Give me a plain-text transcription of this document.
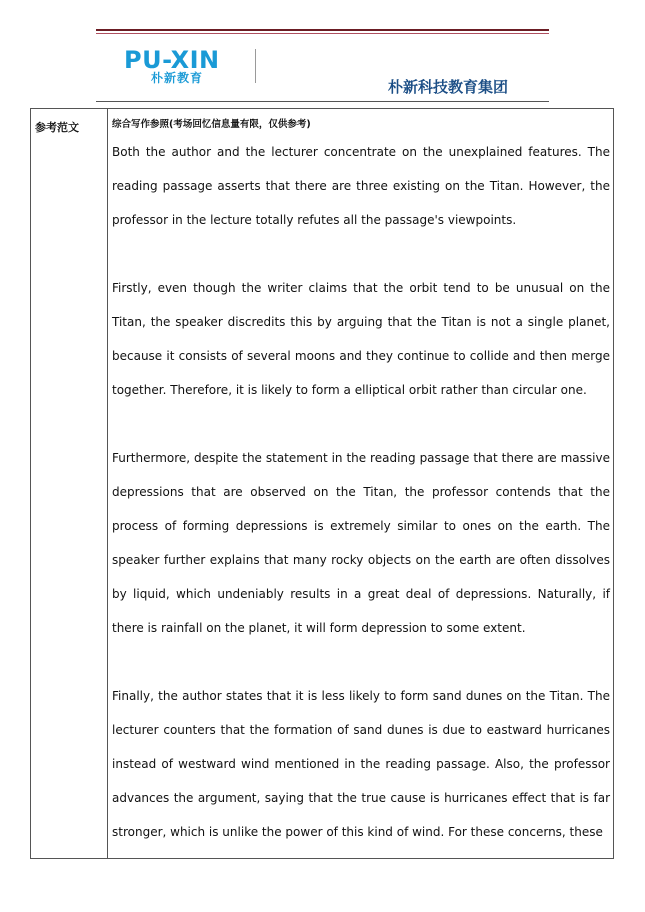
PU-XIN
朴新教育	朴新科技教育集团
参考范文	综合写作参照(考场回忆信息量有限，仅供参考)

Both the author and the lecturer concentrate on the unexplained features. The reading passage asserts that there are three existing on the Titan. However, the professor in the lecture totally refutes all the passage's viewpoints.

Firstly, even though the writer claims that the orbit tend to be unusual on the Titan, the speaker discredits this by arguing that the Titan is not a single planet, because it consists of several moons and they continue to collide and then merge together. Therefore, it is likely to form a elliptical orbit rather than circular one.

Furthermore, despite the statement in the reading passage that there are massive depressions that are observed on the Titan, the professor contends that the process of forming depressions is extremely similar to ones on the earth. The speaker further explains that many rocky objects on the earth are often dissolves by liquid, which undeniably results in a great deal of depressions. Naturally, if there is rainfall on the planet, it will form depression to some extent.

Finally, the author states that it is less likely to form sand dunes on the Titan. The lecturer counters that the formation of sand dunes is due to eastward hurricanes instead of westward wind mentioned in the reading passage. Also, the professor advances the argument, saying that the true cause is hurricanes effect that is far stronger, which is unlike the power of this kind of wind. For these concerns, these
